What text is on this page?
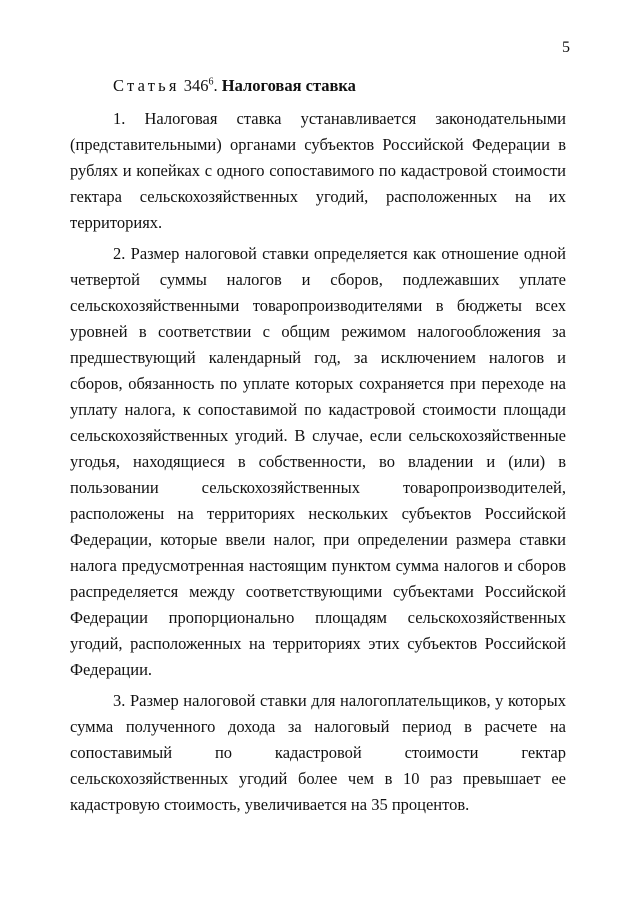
5
Статья $346^6$. Налоговая ставка

1. Налоговая ставка устанавливается законодательными (представительными) органами субъектов Российской Федерации в рублях и копейках с одного сопоставимого по кадастровой стоимости гектара сельскохозяйственных угодий, расположенных на их территориях.

2. Размер налоговой ставки определяется как отношение одной четвертой суммы налогов и сборов, подлежавших уплате сельскохозяйственными товаропроизводителями в бюджеты всех уровней в соответствии с общим режимом налогообложения за предшествующий календарный год, за исключением налогов и сборов, обязанность по уплате которых сохраняется при переходе на уплату налога, к сопоставимой по кадастровой стоимости площади сельскохозяйственных угодий. В случае, если сельскохозяйственные угодья, находящиеся в собственности, во владении и (или) в пользовании сельскохозяйственных товаропроизводителей, расположены на территориях нескольких субъектов Российской Федерации, которые ввели налог, при определении размера ставки налога предусмотренная настоящим пунктом сумма налогов и сборов распределяется между соответствующими субъектами Российской Федерации пропорционально площадям сельскохозяйственных угодий, расположенных на территориях этих субъектов Российской Федерации.

3. Размер налоговой ставки для налогоплательщиков, у которых сумма полученного дохода за налоговый период в расчете на сопоставимый по кадастровой стоимости гектар сельскохозяйственных угодий более чем в 10 раз превышает ее кадастровую стоимость, увеличивается на 35 процентов.
